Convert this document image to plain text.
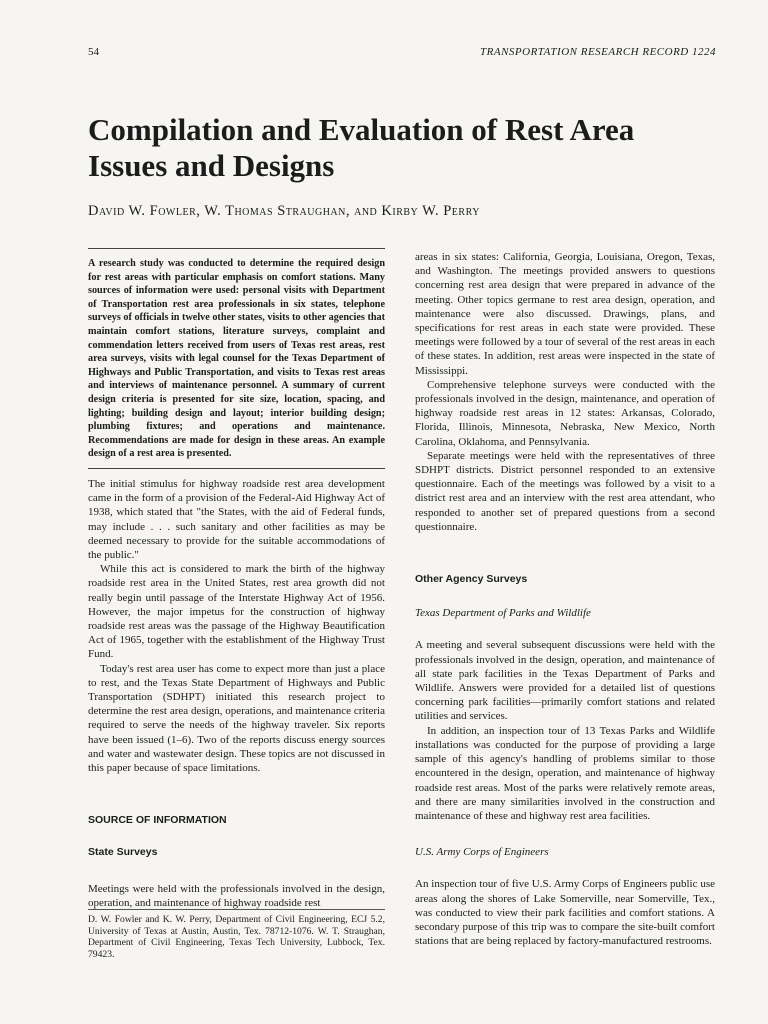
54	TRANSPORTATION RESEARCH RECORD 1224
Compilation and Evaluation of Rest Area Issues and Designs
David W. Fowler, W. Thomas Straughan, and Kirby W. Perry
A research study was conducted to determine the required design for rest areas with particular emphasis on comfort stations. Many sources of information were used: personal visits with Department of Transportation rest area professionals in six states, telephone surveys of officials in twelve other states, visits to other agencies that maintain comfort stations, literature surveys, complaint and commendation letters received from users of Texas rest areas, rest area surveys, visits with legal counsel for the Texas Department of Highways and Public Transportation, and visits to Texas rest areas and interviews of maintenance personnel. A summary of current design criteria is presented for site size, location, spacing, and lighting; building design and layout; interior building design; plumbing fixtures; and operations and maintenance. Recommendations are made for design in these areas. An example design of a rest area is presented.

The initial stimulus for highway roadside rest area development came in the form of a provision of the Federal-Aid Highway Act of 1938, which stated that "the States, with the aid of Federal funds, may include . . . such sanitary and other facilities as may be deemed necessary to provide for the suitable accommodations of the public."

While this act is considered to mark the birth of the highway roadside rest area in the United States, rest area growth did not really begin until passage of the Interstate Highway Act of 1956. However, the major impetus for the construction of highway roadside rest areas was the passage of the Highway Beautification Act of 1965, together with the establishment of the Highway Trust Fund.

Today's rest area user has come to expect more than just a place to rest, and the Texas State Department of Highways and Public Transportation (SDHPT) initiated this research project to determine the rest area design, operations, and maintenance criteria required to serve the needs of the highway traveler. Six reports have been issued (1–6). Two of the reports discuss energy sources and water and wastewater design. These topics are not discussed in this paper because of space limitations.

SOURCE OF INFORMATION
State Surveys

Meetings were held with the professionals involved in the design, operation, and maintenance of highway roadside rest

D. W. Fowler and K. W. Perry, Department of Civil Engineering, ECJ 5.2, University of Texas at Austin, Austin, Tex. 78712-1076. W. T. Straughan, Department of Civil Engineering, Texas Tech University, Lubbock, Tex. 79423.

areas in six states: California, Georgia, Louisiana, Oregon, Texas, and Washington. The meetings provided answers to questions concerning rest area design that were prepared in advance of the meeting. Other topics germane to rest area design, operation, and maintenance were also discussed. Drawings, plans, and specifications for rest areas in each state were provided. These meetings were followed by a tour of several of the rest areas in each of these states. In addition, rest areas were inspected in the state of Mississippi.

Comprehensive telephone surveys were conducted with the professionals involved in the design, maintenance, and operation of highway roadside rest areas in 12 states: Arkansas, Colorado, Florida, Illinois, Minnesota, Nebraska, New Mexico, North Carolina, Oklahoma, and Pennsylvania.

Separate meetings were held with the representatives of three SDHPT districts. District personnel responded to an extensive questionnaire. Each of the meetings was followed by a visit to a district rest area and an interview with the rest area attendant, who responded to another set of prepared questions from a second questionnaire.

Other Agency Surveys
Texas Department of Parks and Wildlife

A meeting and several subsequent discussions were held with the professionals involved in the design, operation, and maintenance of all state park facilities in the Texas Department of Parks and Wildlife. Answers were provided for a detailed list of questions concerning park facilities—primarily comfort stations and related utilities and services.

In addition, an inspection tour of 13 Texas Parks and Wildlife installations was conducted for the purpose of providing a large sample of this agency's handling of problems similar to those encountered in the design, operation, and maintenance of highway roadside rest areas. Most of the parks were relatively remote areas, and there are many similarities involved in the construction and maintenance of these and highway rest area facilities.

U.S. Army Corps of Engineers

An inspection tour of five U.S. Army Corps of Engineers public use areas along the shores of Lake Somerville, near Somerville, Tex., was conducted to view their park facilities and comfort stations. A secondary purpose of this trip was to compare the site-built comfort stations that are being replaced by factory-manufactured restrooms.
